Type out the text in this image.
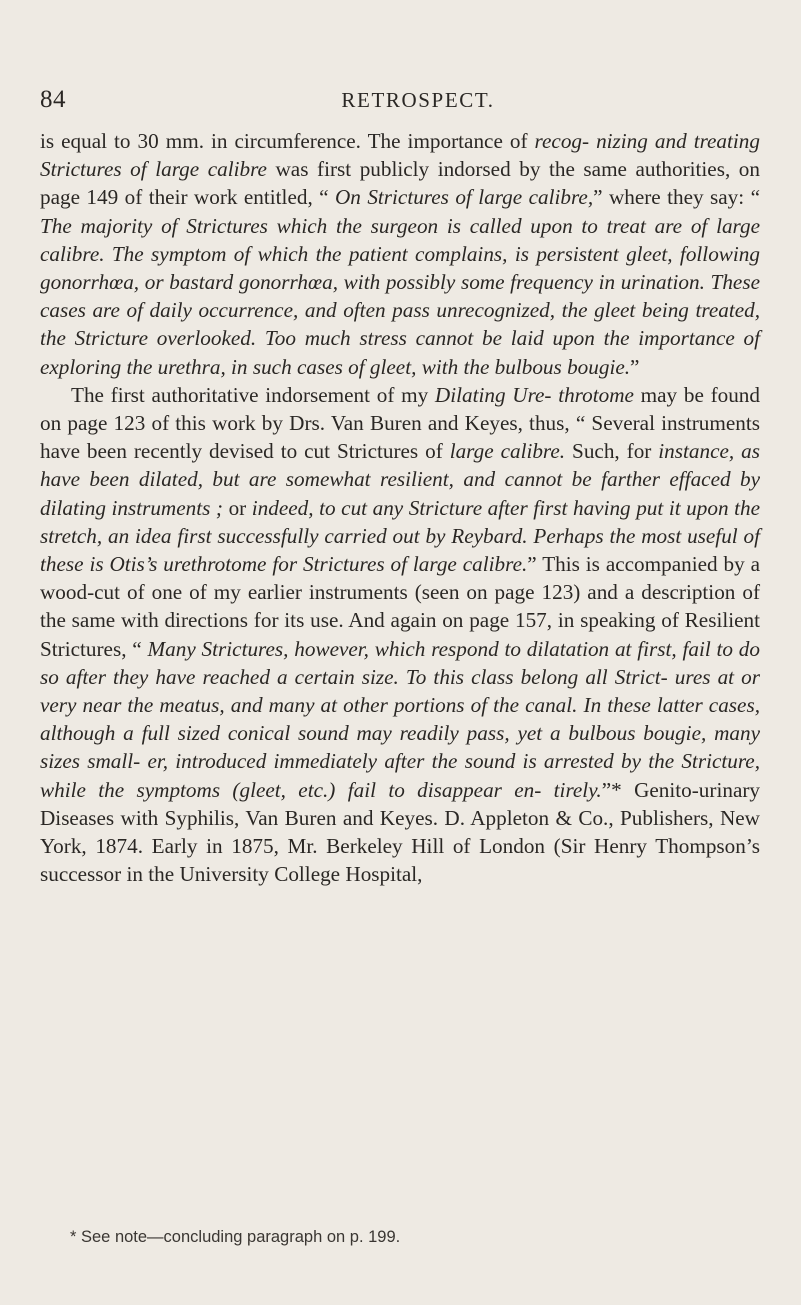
84	RETROSPECT.

is equal to 30 mm. in circumference. The importance of recog- nizing and treating Strictures of large calibre was first publicly indorsed by the same authorities, on page 149 of their work entitled, “ On Strictures of large calibre,” where they say: “ The majority of Strictures which the surgeon is called upon to treat are of large calibre. The symptom of which the patient complains, is persistent gleet, following gonorrhœa, or bastard gonorrhœa, with possibly some frequency in urination. These cases are of daily occurrence, and often pass unrecognized, the gleet being treated, the Stricture overlooked. Too much stress cannot be laid upon the importance of exploring the urethra, in such cases of gleet, with the bulbous bougie.”

The first authoritative indorsement of my Dilating Ure- throtome may be found on page 123 of this work by Drs. Van Buren and Keyes, thus, “ Several instruments have been recently devised to cut Strictures of large calibre. Such, for instance, as have been dilated, but are somewhat resilient, and cannot be farther effaced by dilating instruments ; or indeed, to cut any Stricture after first having put it upon the stretch, an idea first successfully carried out by Reybard. Perhaps the most useful of these is Otis’s urethrotome for Strictures of large calibre.” This is accompanied by a wood-cut of one of my earlier instruments (seen on page 123) and a description of the same with directions for its use. And again on page 157, in speaking of Resilient Strictures, “ Many Strictures, however, which respond to dilatation at first, fail to do so after they have reached a certain size. To this class belong all Strict- ures at or very near the meatus, and many at other portions of the canal. In these latter cases, although a full sized conical sound may readily pass, yet a bulbous bougie, many sizes small- er, introduced immediately after the sound is arrested by the Stricture, while the symptoms (gleet, etc.) fail to disappear en- tirely.”* Genito-urinary Diseases with Syphilis, Van Buren and Keyes. D. Appleton & Co., Publishers, New York, 1874. Early in 1875, Mr. Berkeley Hill of London (Sir Henry Thompson’s successor in the University College Hospital,

* See note—concluding paragraph on p. 199.
